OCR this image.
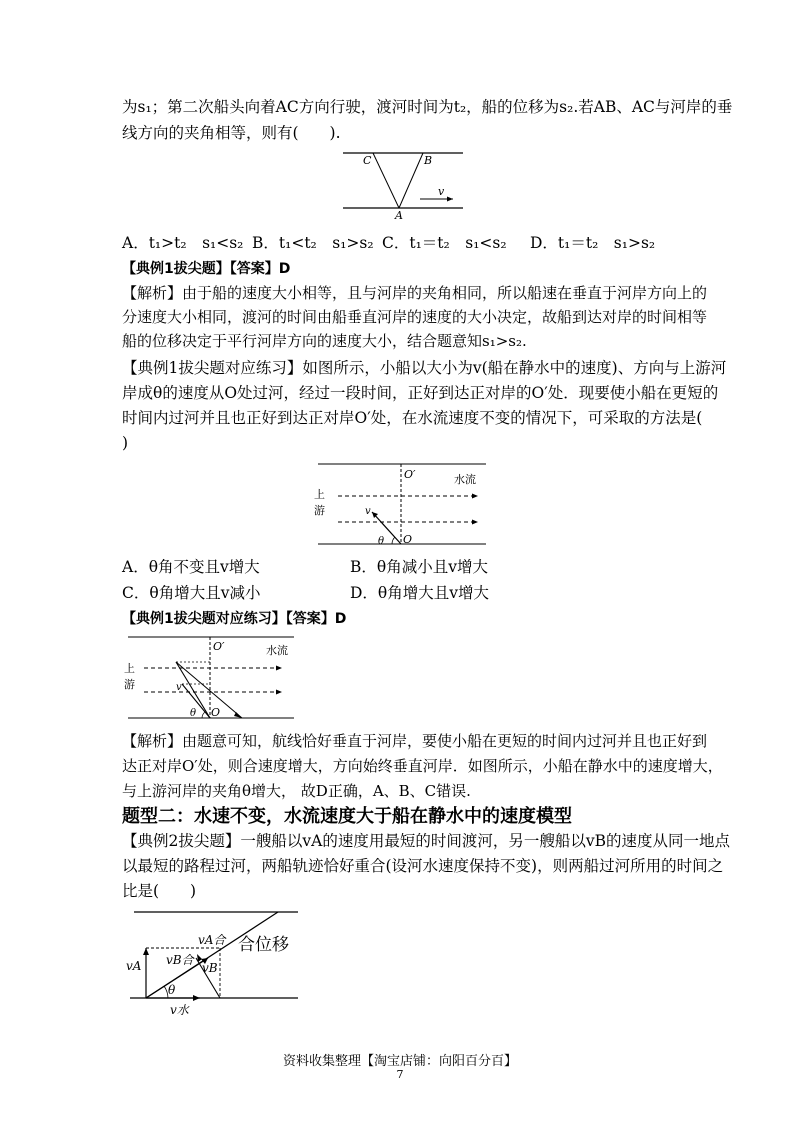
为s₁；第二次船头向着AC方向行驶，渡河时间为t₂，船的位移为s₂.若AB、AC与河岸的垂
线方向的夹角相等，则有(　　).
C	B
A
v
A．t₁>t₂　s₁<s₂ B．t₁<t₂　s₁>s₂ C．t₁＝t₂　s₁<s₂ D．t₁＝t₂　s₁>s₂
【典例1拔尖题】【答案】D
【解析】由于船的速度大小相等，且与河岸的夹角相同，所以船速在垂直于河岸方向上的
分速度大小相同，渡河的时间由船垂直河岸的速度的大小决定，故船到达对岸的时间相等
船的位移决定于平行河岸方向的速度大小，结合题意知s₁>s₂.
【典例1拔尖题对应练习】如图所示，小船以大小为v(船在静水中的速度)、方向与上游河
岸成θ的速度从O处过河，经过一段时间，正好到达正对岸的O′处．现要使小船在更短的
时间内过河并且也正好到达正对岸O′处，在水流速度不变的情况下，可采取的方法是(
)
O′	水流
上
游	v
θ O
A．θ角不变且v增大	B．θ角减小且v增大
C．θ角增大且v减小	D．θ角增大且v增大
【典例1拔尖题对应练习】【答案】D
O′	水流
上
游	v
θ O
【解析】由题意可知，航线恰好垂直于河岸，要使小船在更短的时间内过河并且也正好到
达正对岸O′处，则合速度增大，方向始终垂直河岸．如图所示，小船在静水中的速度增大，
与上游河岸的夹角θ增大， 故D正确，A、B、C错误.
题型二：水速不变，水流速度大于船在静水中的速度模型
【典例2拔尖题】一艘船以vA的速度用最短的时间渡河，另一艘船以vB的速度从同一地点
以最短的路程过河，两船轨迹恰好重合(设河水速度保持不变)，则两船过河所用的时间之
比是(　　)
vA合 合位移
vA vB合
vB
θ
v水
资料收集整理【淘宝店铺：向阳百分百】
7
